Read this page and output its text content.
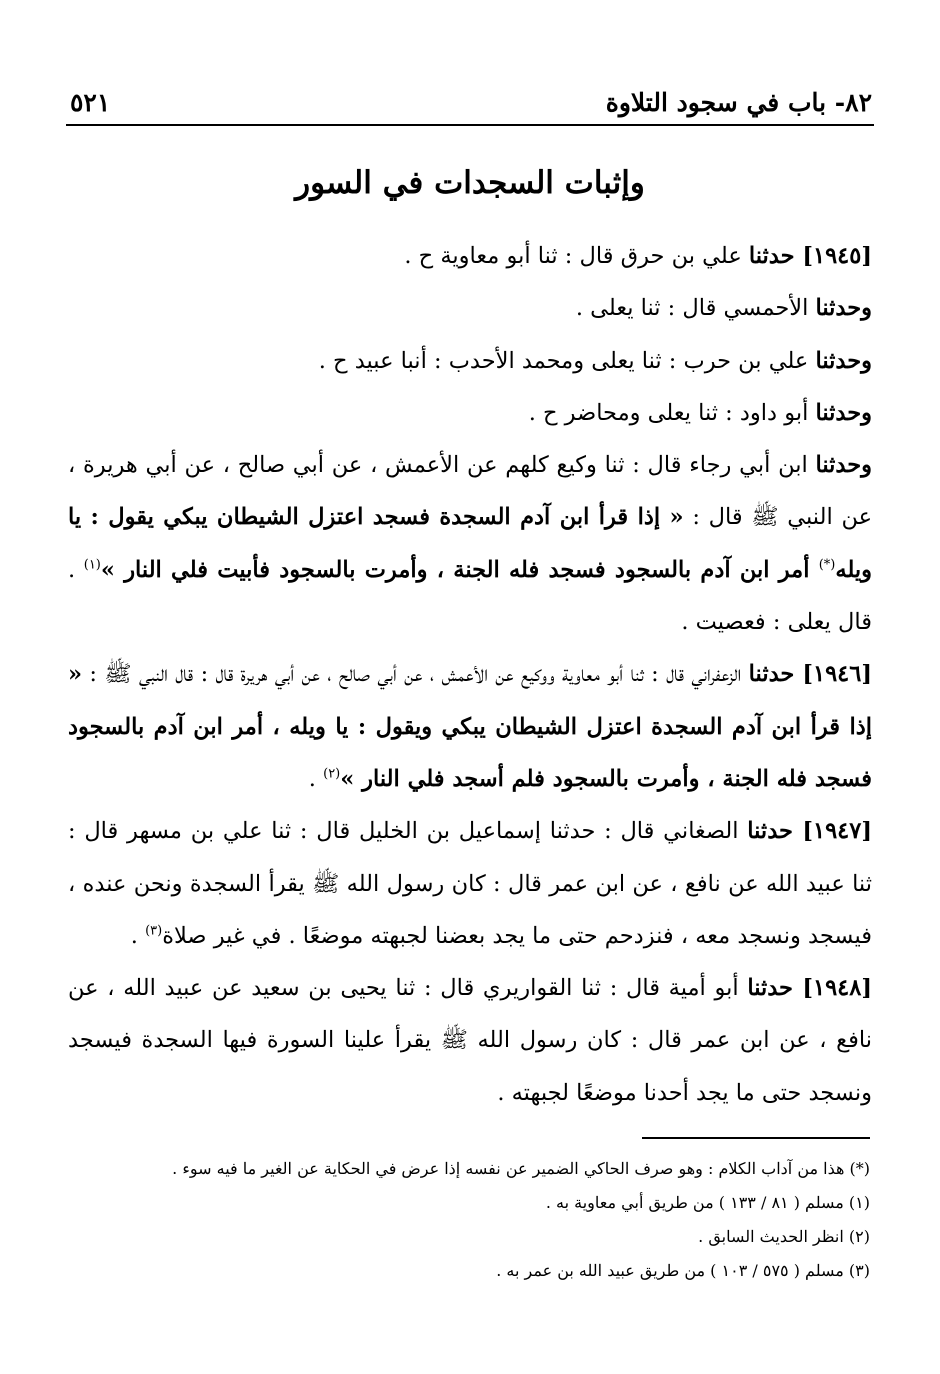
٥٢١	٨٢- باب في سجود التلاوة
وإثبات السجدات في السور

[١٩٤٥] حدثنا علي بن حرق قال : ثنا أبو معاوية ح .

وحدثنا الأحمسي قال : ثنا يعلى .

وحدثنا علي بن حرب : ثنا يعلى ومحمد الأحدب : أنبا عبيد ح .

وحدثنا أبو داود : ثنا يعلى ومحاضر ح .

وحدثنا ابن أبي رجاء قال : ثنا وكيع كلهم عن الأعمش ، عن أبي صالح ، عن أبي هريرة ، عن النبي ﷺ قال : « إذا قرأ ابن آدم السجدة فسجد اعتزل الشيطان يبكي يقول : يا ويله(*) أمر ابن آدم بالسجود فسجد فله الجنة ، وأمرت بالسجود فأبيت فلي النار »$^{(١)}$ . قال يعلى : فعصيت .

[١٩٤٦] حدثنا الزعفراني قال : ثنا أبو معاوية ووكيع عن الأعمش ، عن أبي صالح ، عن أبي هريرة قال : قال النبي ﷺ : « إذا قرأ ابن آدم السجدة اعتزل الشيطان يبكي ويقول : يا ويله ، أمر ابن آدم بالسجود فسجد فله الجنة ، وأمرت بالسجود فلم أسجد فلي النار »$^{(٢)}$ .

[١٩٤٧] حدثنا الصغاني قال : حدثنا إسماعيل بن الخليل قال : ثنا علي بن مسهر قال : ثنا عبيد الله عن نافع ، عن ابن عمر قال : كان رسول الله ﷺ يقرأ السجدة ونحن عنده ، فيسجد ونسجد معه ، فنزدحم حتى ما يجد بعضنا لجبهته موضعًا . في غير صلاة$^{(٣)}$ .

[١٩٤٨] حدثنا أبو أمية قال : ثنا القواريري قال : ثنا يحيى بن سعيد عن عبيد الله ، عن نافع ، عن ابن عمر قال : كان رسول الله ﷺ يقرأ علينا السورة فيها السجدة فيسجد ونسجد حتى ما يجد أحدنا موضعًا لجبهته .

(*) هذا من آداب الكلام : وهو صرف الحاكي الضمير عن نفسه إذا عرض في الحكاية عن الغير ما فيه سوء .

(١) مسلم ( ٨١ / ١٣٣ ) من طريق أبي معاوية به .

(٢) انظر الحديث السابق .

(٣) مسلم ( ٥٧٥ / ١٠٣ ) من طريق عبيد الله بن عمر به .
